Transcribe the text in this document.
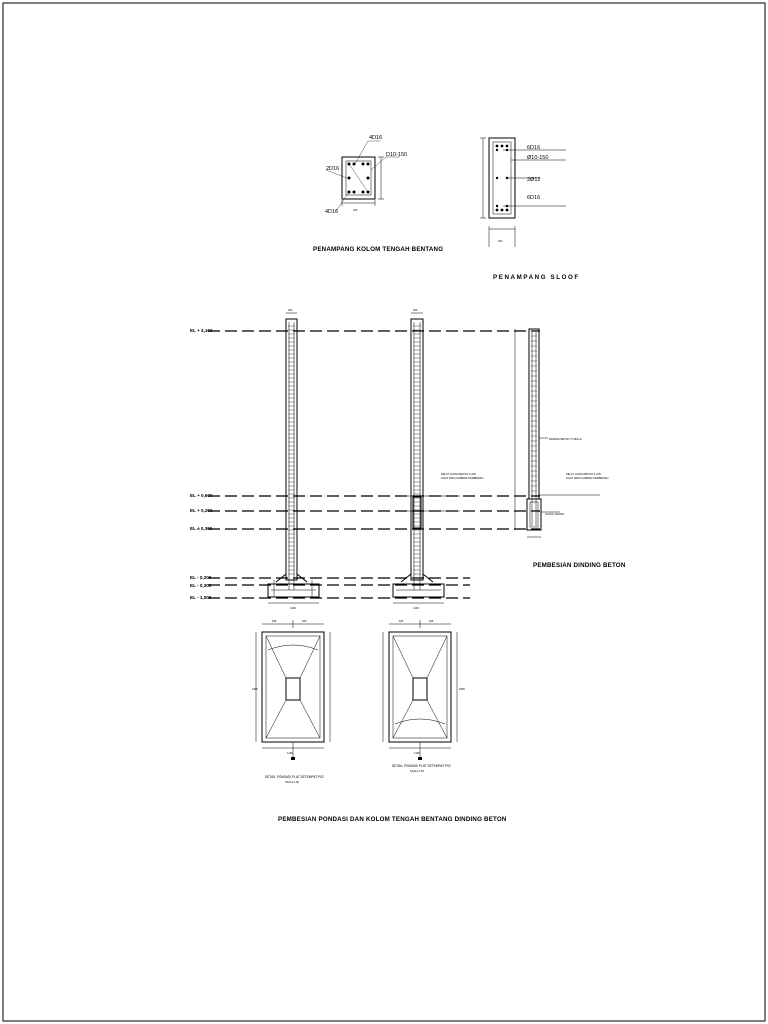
4D16
D10-150
2D16
4D16	300
PENAMPANG KOLOM TENGAH BENTANG
6D16
Ø10-150
2Ø12
6D16
200
PENAMPANG SLOOF
EL + 4,100
EL + 0,600
EL + 0,200
EL ± 0,300
EL - 0,200
EL - 0,300
EL - 1,000
300
1400
300
1400
PELAT LANTAI BETON K-225
LIHAT PADA GAMBAR PEMBESIAN
DINDING BETON T=150mm
PELAT LANTAI BETON K-225
LIHAT PADA GAMBAR PEMBESIAN
SLOOF 200/300
PEMBESIAN DINDING BETON
625	625
1400
1800
DETAIL PONDASI PLAT SETEMPAT P02
SKALA 1:50
625	625
1400
1800
DETAIL PONDASI PLAT SETEMPAT P02
SKALA 1:50
PEMBESIAN PONDASI DAN KOLOM TENGAH BENTANG DINDING BETON
